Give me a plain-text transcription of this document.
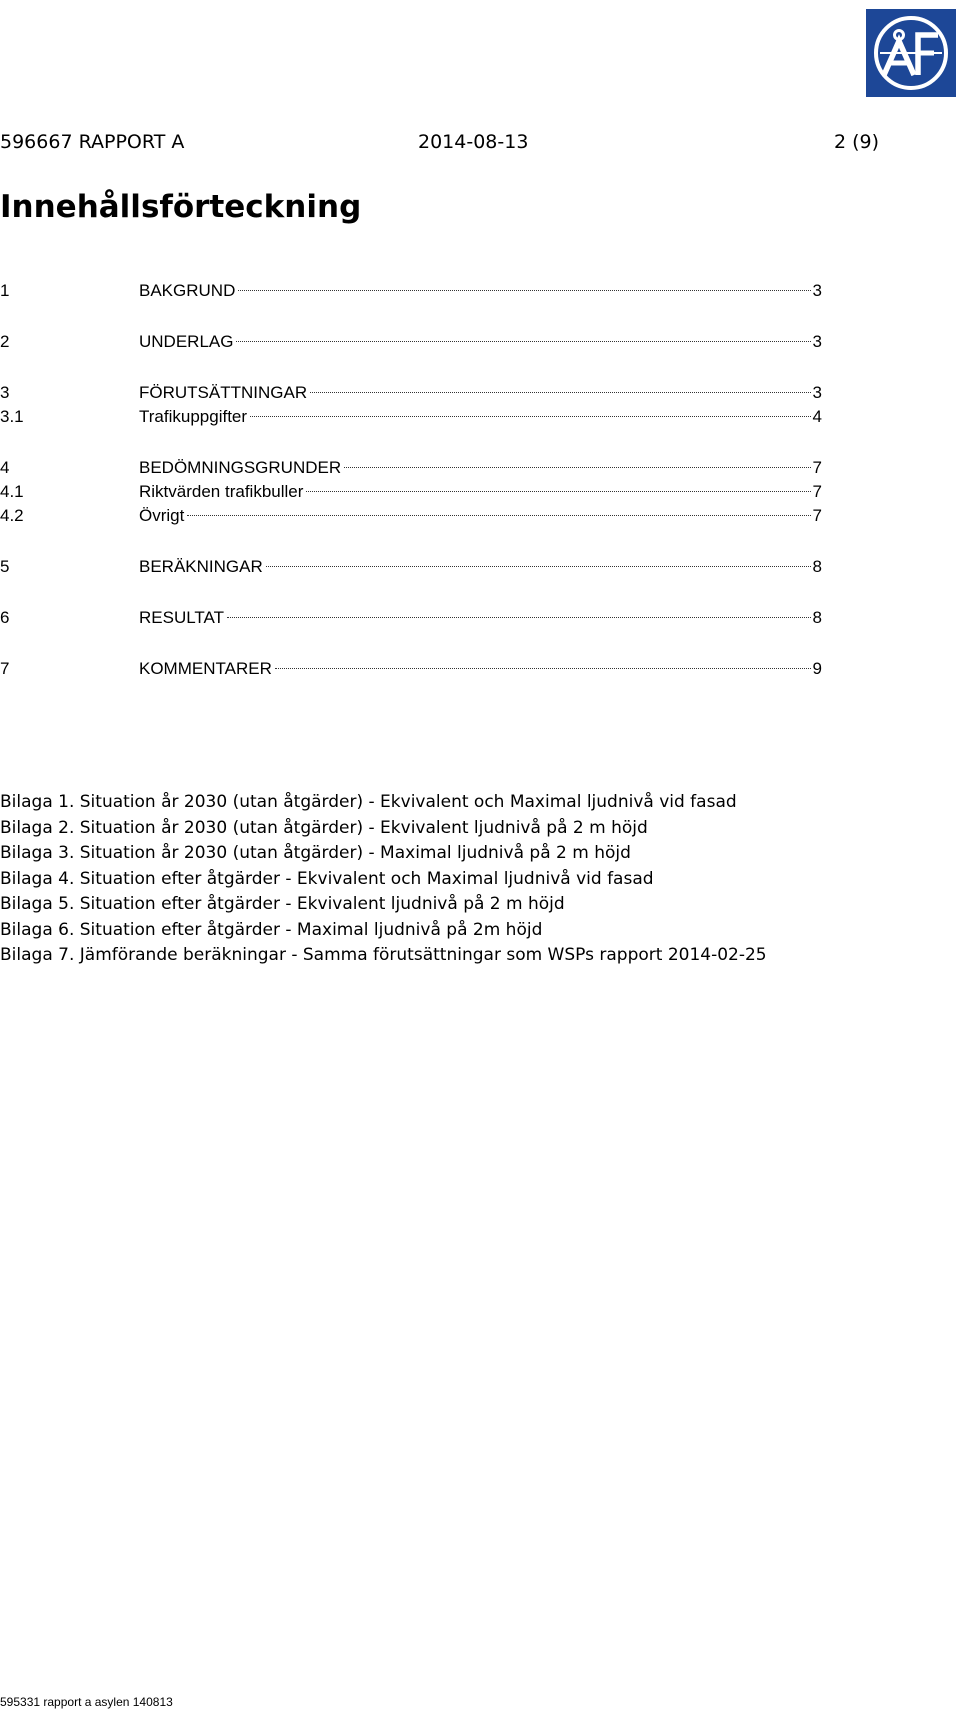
596667 RAPPORT A	2014-08-13	2 (9)
Innehållsförteckning
1	BAKGRUND	3
2	UNDERLAG	3
3	FÖRUTSÄTTNINGAR	3
3.1	Trafikuppgifter	4
4	BEDÖMNINGSGRUNDER	7
4.1	Riktvärden trafikbuller	7
4.2	Övrigt	7
5	BERÄKNINGAR	8
6	RESULTAT	8
7	KOMMENTARER	9
Bilaga 1. Situation år 2030 (utan åtgärder) - Ekvivalent och Maximal ljudnivå vid fasad
Bilaga 2. Situation år 2030 (utan åtgärder) - Ekvivalent ljudnivå på 2 m höjd
Bilaga 3. Situation år 2030 (utan åtgärder) - Maximal ljudnivå på 2 m höjd
Bilaga 4. Situation efter åtgärder - Ekvivalent och Maximal ljudnivå vid fasad
Bilaga 5. Situation efter åtgärder - Ekvivalent ljudnivå på 2 m höjd
Bilaga 6. Situation efter åtgärder - Maximal ljudnivå på 2m höjd
Bilaga 7. Jämförande beräkningar - Samma förutsättningar som WSPs rapport 2014-02-25
595331 rapport a asylen 140813
